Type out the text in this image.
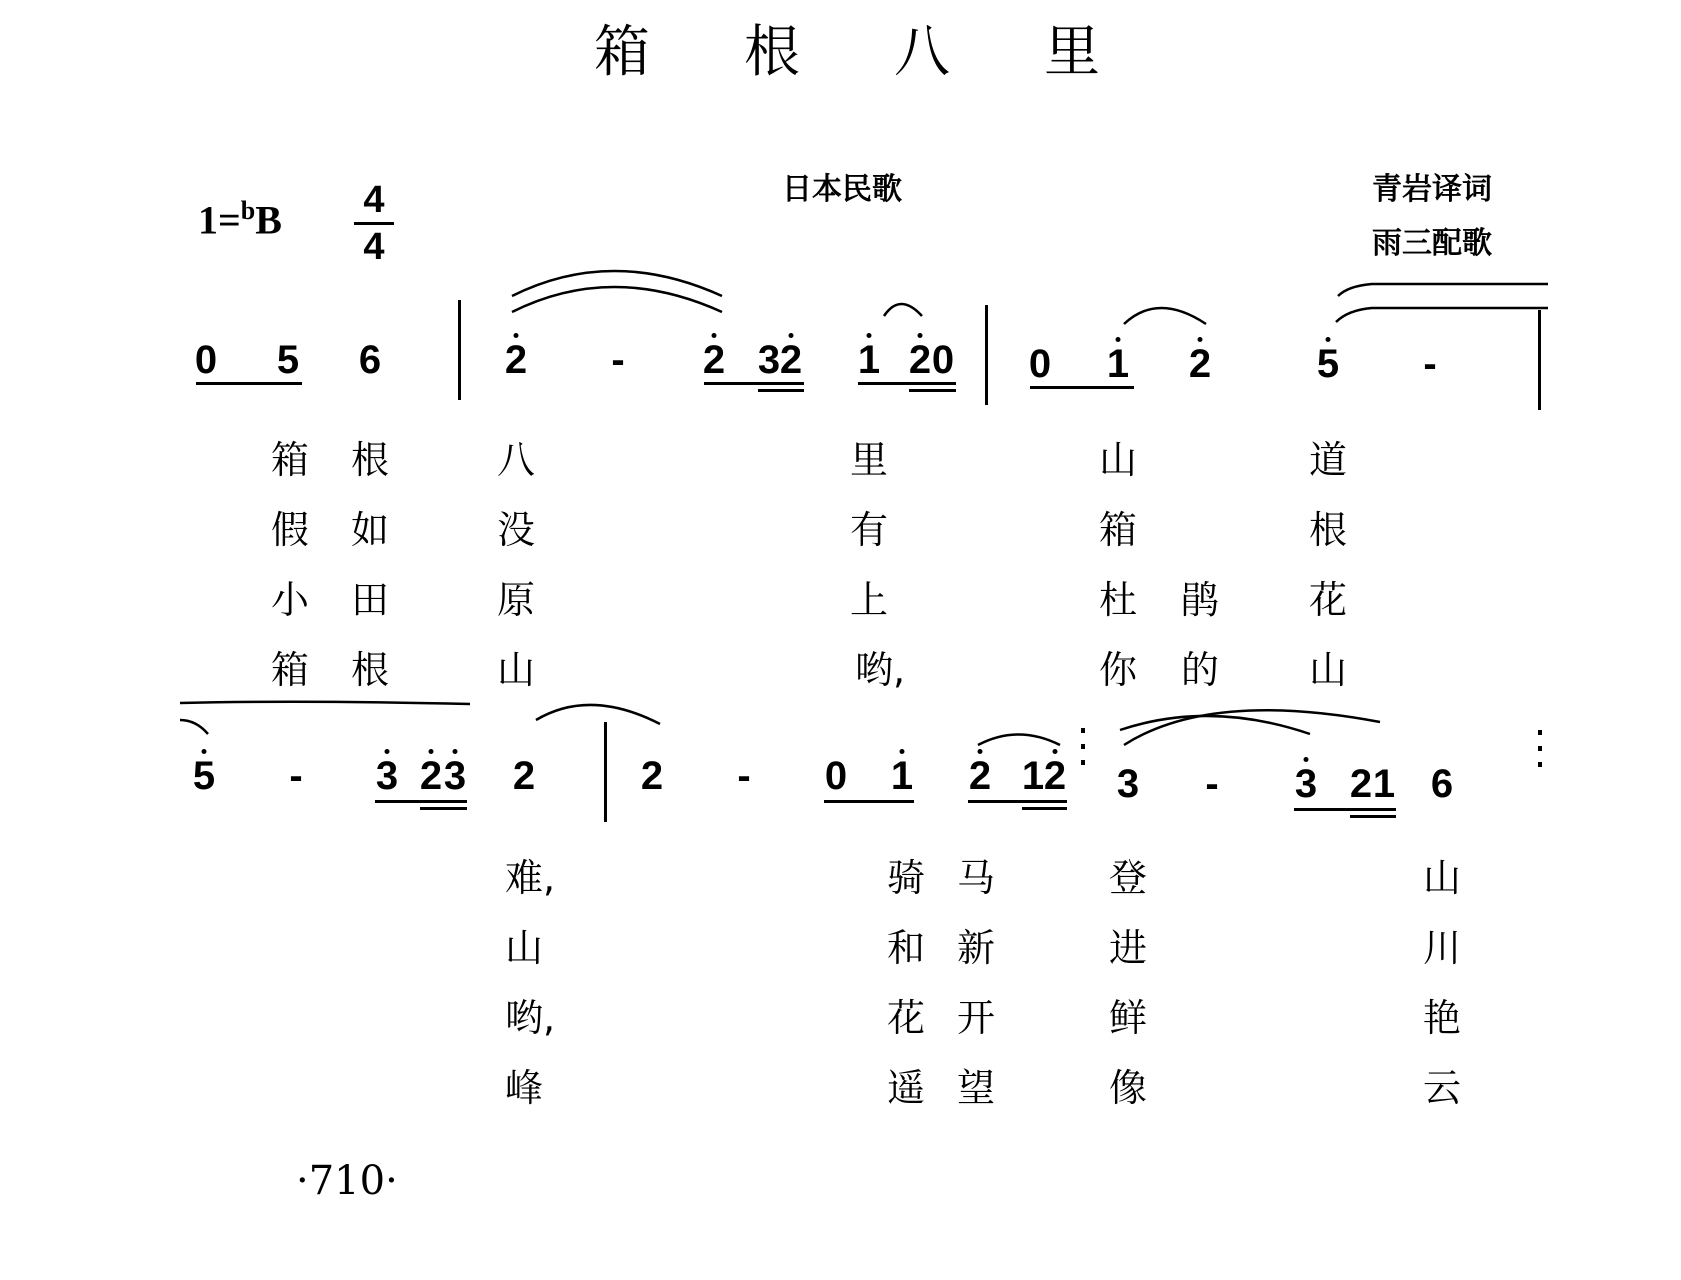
箱 根 八 里
1=$^b$B 4
4
日本民歌	青岩译词
雨三配歌
0 5 6	2 - 2 3 2 1 2 0 0 1 2	5 -
箱 根	八	里	山	道
假 如	没	有	箱	根
小 田	原	上	杜 鹃 花
箱 根	山	哟,	你 的 山
5 - 3 2 3 2	2 - 0 1 2 1 2 3 - 3 2 1 6
难,	骑 马	登	山
山	和 新	进	川
哟,	花 开	鲜	艳
峰	遥 望	像	云
·710·
